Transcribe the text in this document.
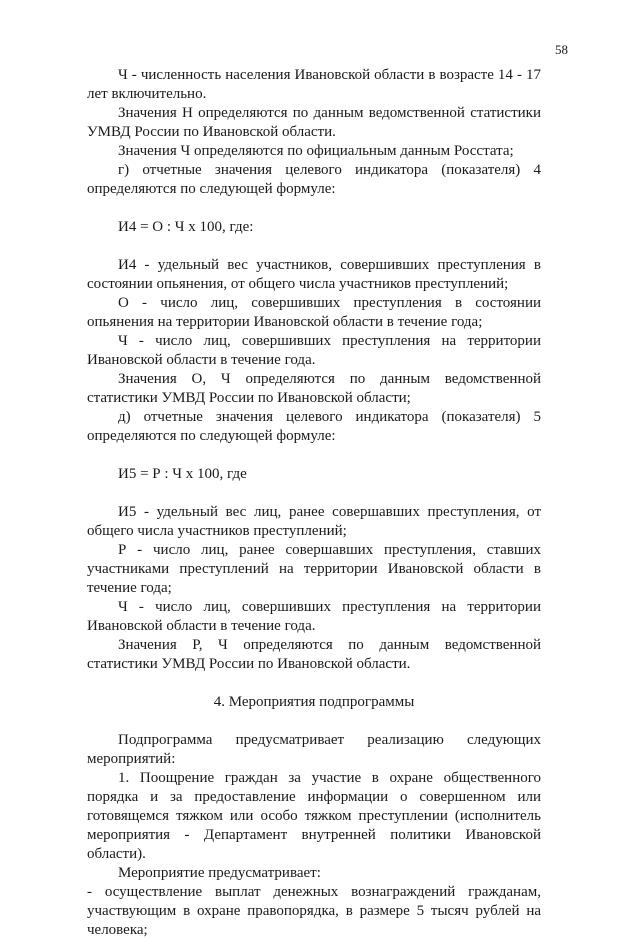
58

Ч - численность населения Ивановской области в возрасте 14 - 17 лет включительно.

Значения Н определяются по данным ведомственной статистики УМВД России по Ивановской области.

Значения Ч определяются по официальным данным Росстата;

г) отчетные значения целевого индикатора (показателя) 4 определяются по следующей формуле:

И4 = О : Ч х 100, где:

И4 - удельный вес участников, совершивших преступления в состоянии опьянения, от общего числа участников преступлений;

О - число лиц, совершивших преступления в состоянии опьянения на территории Ивановской области в течение года;

Ч - число лиц, совершивших преступления на территории Ивановской области в течение года.

Значения О, Ч определяются по данным ведомственной статистики УМВД России по Ивановской области;

д) отчетные значения целевого индикатора (показателя) 5 определяются по следующей формуле:

И5 = Р : Ч х 100, где

И5 - удельный вес лиц, ранее совершавших преступления, от общего числа участников преступлений;

Р - число лиц, ранее совершавших преступления, ставших участниками преступлений на территории Ивановской области в течение года;

Ч - число лиц, совершивших преступления на территории Ивановской области в течение года.

Значения Р, Ч определяются по данным ведомственной статистики УМВД России по Ивановской области.

4. Мероприятия подпрограммы

Подпрограмма предусматривает реализацию следующих мероприятий:

1. Поощрение граждан за участие в охране общественного порядка и за предоставление информации о совершенном или готовящемся тяжком или особо тяжком преступлении (исполнитель мероприятия - Департамент внутренней политики Ивановской области).

Мероприятие предусматривает:

- осуществление выплат денежных вознаграждений гражданам, участвующим в охране правопорядка, в размере 5 тысяч рублей на человека;
